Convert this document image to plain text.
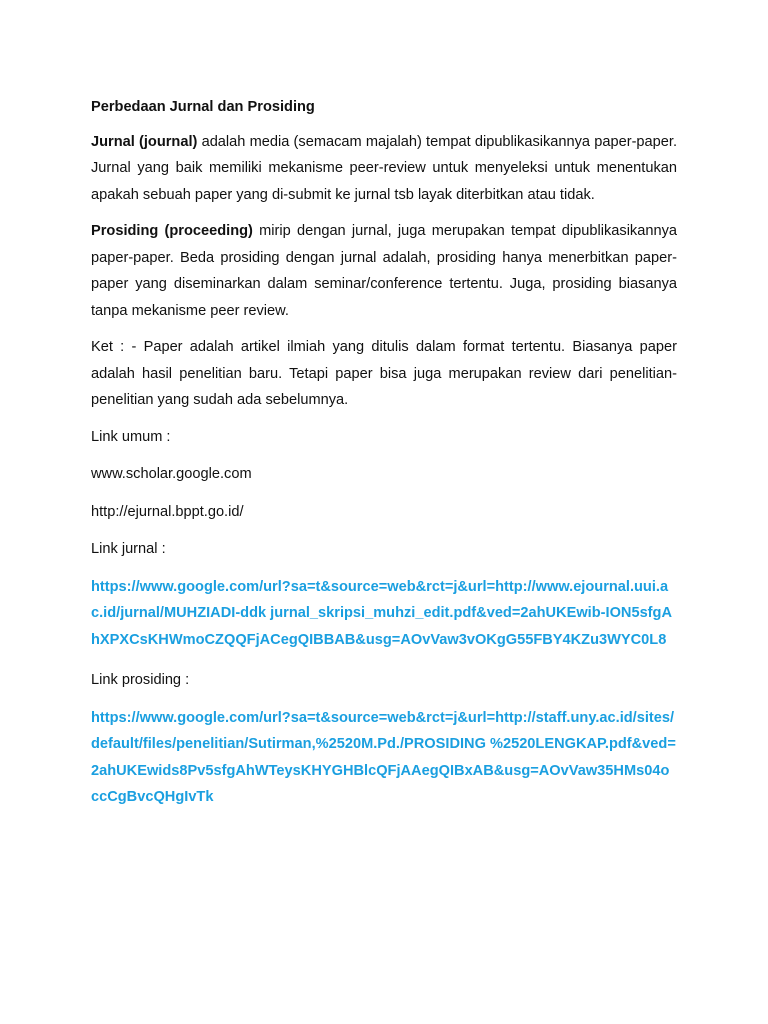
Perbedaan Jurnal dan Prosiding

Jurnal (journal) adalah media (semacam majalah) tempat dipublikasikannya paper-paper. Jurnal yang baik memiliki mekanisme peer-review untuk menyeleksi untuk menentukan apakah sebuah paper yang di-submit ke jurnal tsb layak diterbitkan atau tidak.

Prosiding (proceeding) mirip dengan jurnal, juga merupakan tempat dipublikasikannya paper-paper. Beda prosiding dengan jurnal adalah, prosiding hanya menerbitkan paper-paper yang diseminarkan dalam seminar/conference tertentu. Juga, prosiding biasanya tanpa mekanisme peer review.

Ket : - Paper adalah artikel ilmiah yang ditulis dalam format tertentu. Biasanya paper adalah hasil penelitian baru. Tetapi paper bisa juga merupakan review dari penelitian-penelitian yang sudah ada sebelumnya.

Link umum :

www.scholar.google.com

http://ejurnal.bppt.go.id/

Link jurnal :

https://www.google.com/url?sa=t&source=web&rct=j&url=http://www.ejournal.uui.ac.id/jurnal/MUHZIADI-ddk jurnal_skripsi_muhzi_edit.pdf&ved=2ahUKEwib-ION5sfgAhXPXCsKHWmoCZQQFjACegQIBBAB&usg=AOvVaw3vOKgG55FBY4KZu3WYC0L8

Link prosiding :

https://www.google.com/url?sa=t&source=web&rct=j&url=http://staff.uny.ac.id/sites/default/files/penelitian/Sutirman,%2520M.Pd./PROSIDING %2520LENGKAP.pdf&ved=2ahUKEwids8Pv5sfgAhWTeysKHYGHBlcQFjAAegQIBxAB&usg=AOvVaw35HMs04occCgBvcQHgIvTk
